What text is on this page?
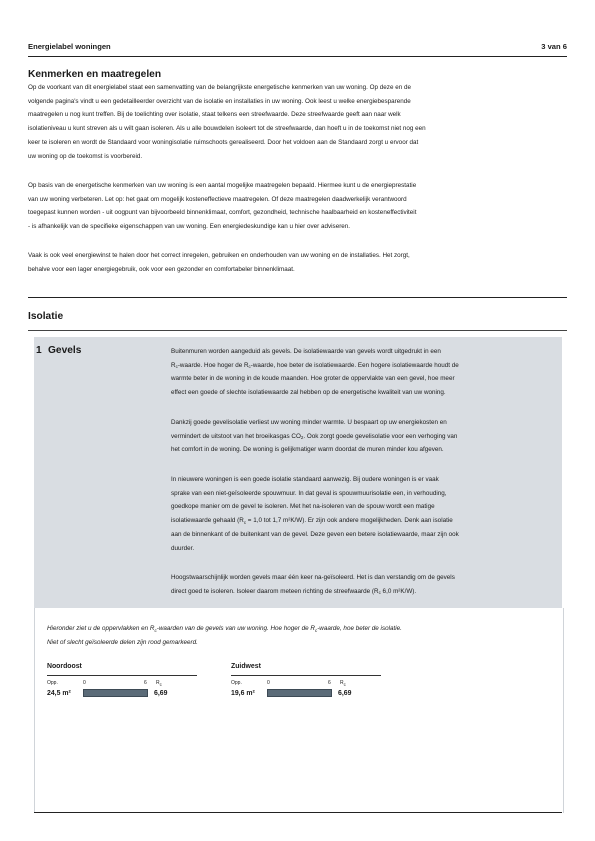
Energielabel woningen	3 van 6
Kenmerken en maatregelen
Op de voorkant van dit energielabel staat een samenvatting van de belangrijkste energetische kenmerken van uw woning. Op deze en de
volgende pagina's vindt u een gedetailleerder overzicht van de isolatie en installaties in uw woning. Ook leest u welke energiebesparende
maatregelen u nog kunt treffen. Bij de toelichting over isolatie, staat telkens een streefwaarde. Deze streefwaarde geeft aan naar welk
isolatieniveau u kunt streven als u wilt gaan isoleren. Als u alle bouwdelen isoleert tot de streefwaarde, dan hoeft u in de toekomst niet nog een
keer te isoleren en wordt de Standaard voor woningisolatie ruimschoots gerealiseerd. Door het voldoen aan de Standaard zorgt u ervoor dat
uw woning op de toekomst is voorbereid.
Op basis van de energetische kenmerken van uw woning is een aantal mogelijke maatregelen bepaald. Hiermee kunt u de energieprestatie
van uw woning verbeteren. Let op: het gaat om mogelijk kosteneffectieve maatregelen. Of deze maatregelen daadwerkelijk verantwoord
toegepast kunnen worden - uit oogpunt van bijvoorbeeld binnenklimaat, comfort, gezondheid, technische haalbaarheid en kosteneffectiviteit
- is afhankelijk van de specifieke eigenschappen van uw woning. Een energiedeskundige kan u hier over adviseren.
Vaak is ook veel energiewinst te halen door het correct inregelen, gebruiken en onderhouden van uw woning en de installaties. Het zorgt,
behalve voor een lager energiegebruik, ook voor een gezonder en comfortabeler binnenklimaat.
Isolatie
1 Gevels	Buitenmuren worden aangeduid als gevels. De isolatiewaarde van gevels wordt uitgedrukt in een
$R_c$-waarde. Hoe hoger de $R_c$-waarde, hoe beter de isolatiewaarde. Een hogere isolatiewaarde houdt de
warmte beter in de woning in de koude maanden. Hoe groter de oppervlakte van een gevel, hoe meer
effect een goede of slechte isolatiewaarde zal hebben op de energetische kwaliteit van uw woning.
Dankzij goede gevelisolatie verliest uw woning minder warmte. U bespaart op uw energiekosten en
vermindert de uitstoot van het broeikasgas $CO_2$. Ook zorgt goede gevelisolatie voor een verhoging van
het comfort in de woning. De woning is gelijkmatiger warm doordat de muren minder kou afgeven.
In nieuwere woningen is een goede isolatie standaard aanwezig. Bij oudere woningen is er vaak
sprake van een niet-geïsoleerde spouwmuur. In dat geval is spouwmuurisolatie een, in verhouding,
goedkope manier om de gevel te isoleren. Met het na-isoleren van de spouw wordt een matige
isolatiewaarde gehaald ($R_c = 1,0$ tot 1,7 m²K/W). Er zijn ook andere mogelijkheden. Denk aan isolatie
aan de binnenkant of de buitenkant van de gevel. Deze geven een betere isolatiewaarde, maar zijn ook
duurder.
Hoogstwaarschijnlijk worden gevels maar één keer na-geïsoleerd. Het is dan verstandig om de gevels
direct goed te isoleren. Isoleer daarom meteen richting de streefwaarde ($R_c$ 6,0 m²K/W).
Hieronder ziet u de oppervlakken en $R_c$-waarden van de gevels van uw woning. Hoe hoger de $R_c$-waarde, hoe beter de isolatie.
Niet of slecht geïsoleerde delen zijn rood gemarkeerd.
Noordoost
Opp.	0	6 Rc
24,5 m²	6,69
Zuidwest
Opp.	0	6 Rc
19,6 m²	6,69
